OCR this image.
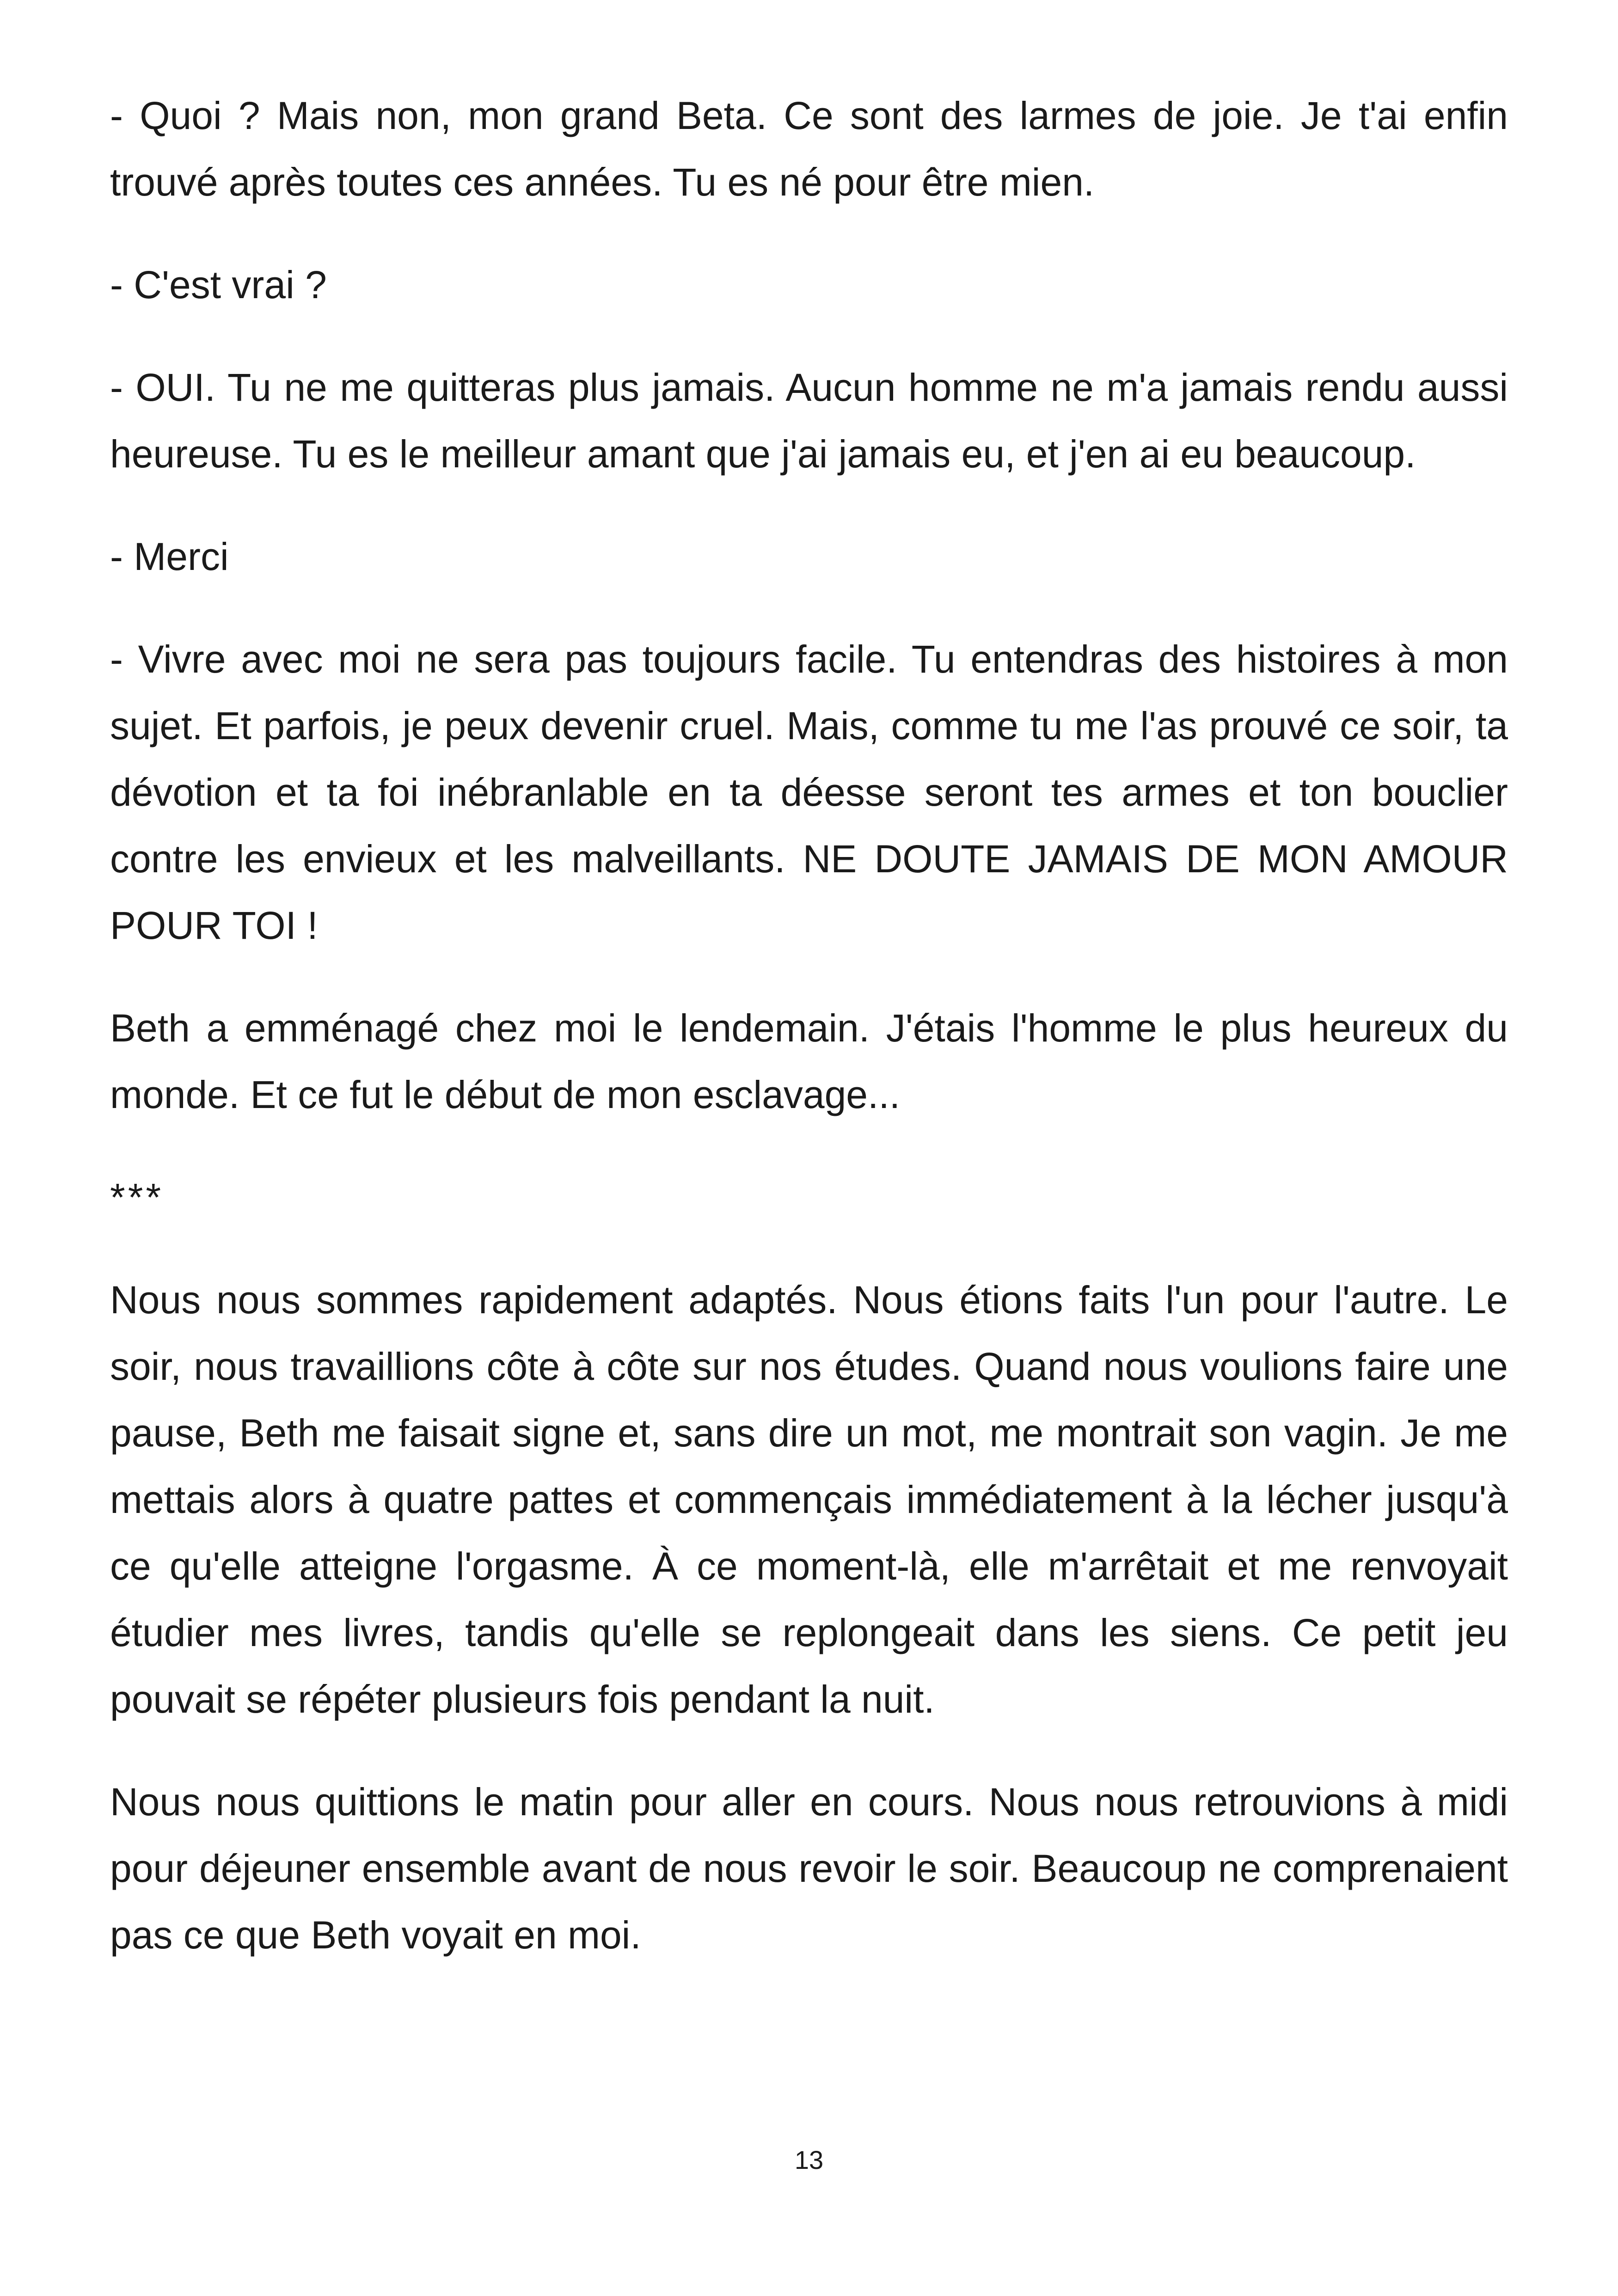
- Quoi ? Mais non, mon grand Beta. Ce sont des larmes de joie. Je t'ai enfin trouvé après toutes ces années. Tu es né pour être mien.

- C'est vrai ?

- OUI. Tu ne me quitteras plus jamais. Aucun homme ne m'a jamais rendu aussi heureuse. Tu es le meilleur amant que j'ai jamais eu, et j'en ai eu beaucoup.

- Merci

- Vivre avec moi ne sera pas toujours facile. Tu entendras des histoires à mon sujet. Et parfois, je peux devenir cruel. Mais, comme tu me l'as prouvé ce soir, ta dévotion et ta foi inébranlable en ta déesse seront tes armes et ton bouclier contre les envieux et les malveillants. NE DOUTE JAMAIS DE MON AMOUR POUR TOI !

Beth a emménagé chez moi le lendemain. J'étais l'homme le plus heureux du monde. Et ce fut le début de mon esclavage...

***

Nous nous sommes rapidement adaptés. Nous étions faits l'un pour l'autre. Le soir, nous travaillions côte à côte sur nos études. Quand nous voulions faire une pause, Beth me faisait signe et, sans dire un mot, me montrait son vagin. Je me mettais alors à quatre pattes et commençais immédiatement à la lécher jusqu'à ce qu'elle atteigne l'orgasme. À ce moment-là, elle m'arrêtait et me renvoyait étudier mes livres, tandis qu'elle se replongeait dans les siens. Ce petit jeu pouvait se répéter plusieurs fois pendant la nuit.

Nous nous quittions le matin pour aller en cours. Nous nous retrouvions à midi pour déjeuner ensemble avant de nous revoir le soir. Beaucoup ne comprenaient pas ce que Beth voyait en moi.

13
